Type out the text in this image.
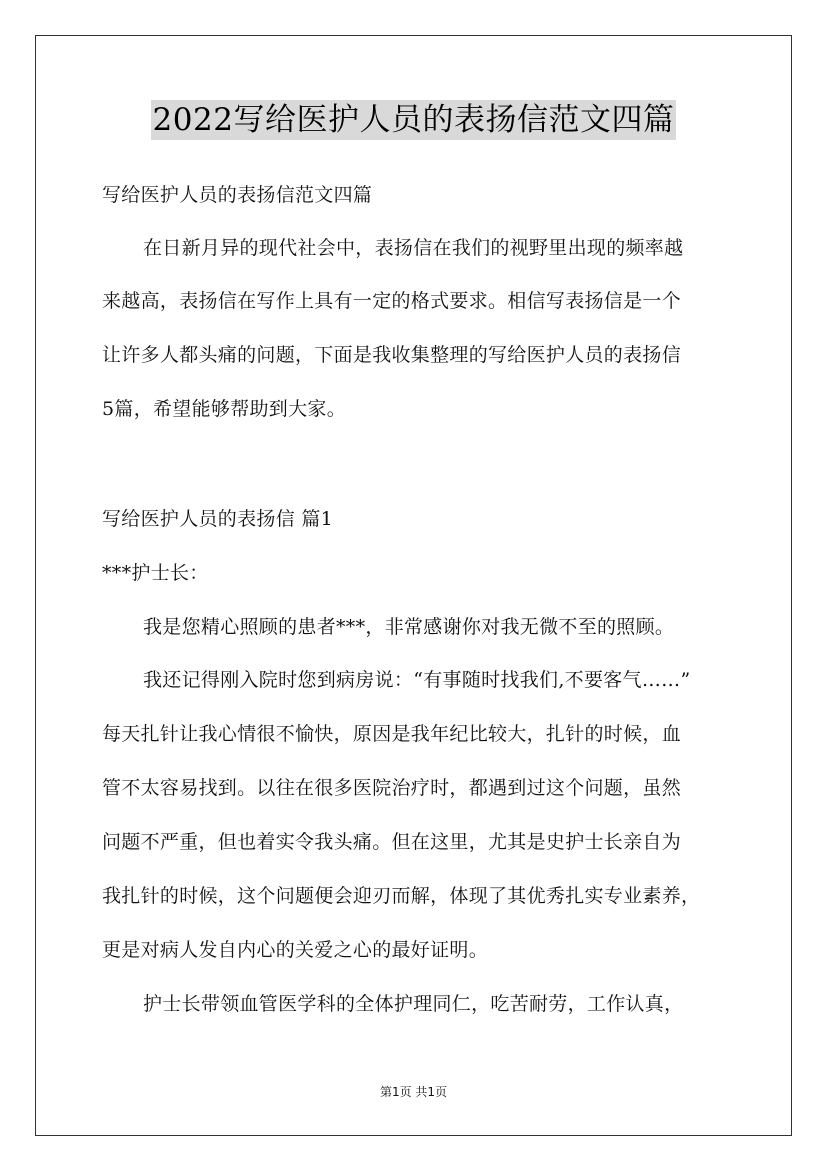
2022写给医护人员的表扬信范文四篇
写给医护人员的表扬信范文四篇
在日新月异的现代社会中，表扬信在我们的视野里出现的频率越
来越高，表扬信在写作上具有一定的格式要求。相信写表扬信是一个
让许多人都头痛的问题，下面是我收集整理的写给医护人员的表扬信
5篇，希望能够帮助到大家。
写给医护人员的表扬信 篇1
***护士长：
我是您精心照顾的患者***，非常感谢你对我无微不至的照顾。
我还记得刚入院时您到病房说：“有事随时找我们,不要客气……”
每天扎针让我心情很不愉快，原因是我年纪比较大，扎针的时候，血
管不太容易找到。以往在很多医院治疗时，都遇到过这个问题，虽然
问题不严重，但也着实令我头痛。但在这里，尤其是史护士长亲自为
我扎针的时候，这个问题便会迎刃而解，体现了其优秀扎实专业素养，
更是对病人发自内心的关爱之心的最好证明。
护士长带领血管医学科的全体护理同仁，吃苦耐劳，工作认真，
第1页 共1页
